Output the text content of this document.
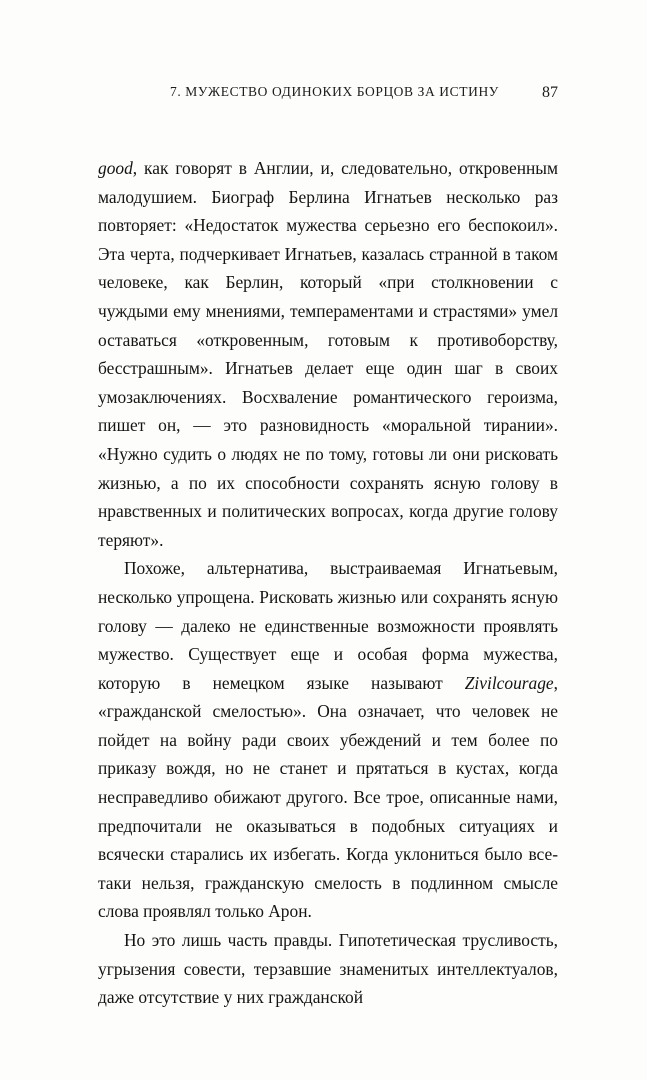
7. МУЖЕСТВО ОДИНОКИХ БОРЦОВ ЗА ИСТИНУ	87

good, как говорят в Англии, и, следовательно, откровенным малодушием. Биограф Берлина Игнатьев несколько раз повторяет: «Недостаток мужества серьезно его беспокоил». Эта черта, подчеркивает Игнатьев, казалась странной в таком человеке, как Берлин, который «при столкновении с чуждыми ему мнениями, темпераментами и страстями» умел оставаться «откровенным, готовым к противоборству, бесстрашным». Игнатьев делает еще один шаг в своих умозаключениях. Восхваление романтического героизма, пишет он, — это разновидность «моральной тирании». «Нужно судить о людях не по тому, готовы ли они рисковать жизнью, а по их способности сохранять ясную голову в нравственных и политических вопросах, когда другие голову теряют».

Похоже, альтернатива, выстраиваемая Игнатьевым, несколько упрощена. Рисковать жизнью или сохранять ясную голову — далеко не единственные возможности проявлять мужество. Существует еще и особая форма мужества, которую в немецком языке называют Zivilcourage, «гражданской смелостью». Она означает, что человек не пойдет на войну ради своих убеждений и тем более по приказу вождя, но не станет и прятаться в кустах, когда несправедливо обижают другого. Все трое, описанные нами, предпочитали не оказываться в подобных ситуациях и всячески старались их избегать. Когда уклониться было все-таки нельзя, гражданскую смелость в подлинном смысле слова проявлял только Арон.

Но это лишь часть правды. Гипотетическая трусливость, угрызения совести, терзавшие знаменитых интеллектуалов, даже отсутствие у них гражданской
